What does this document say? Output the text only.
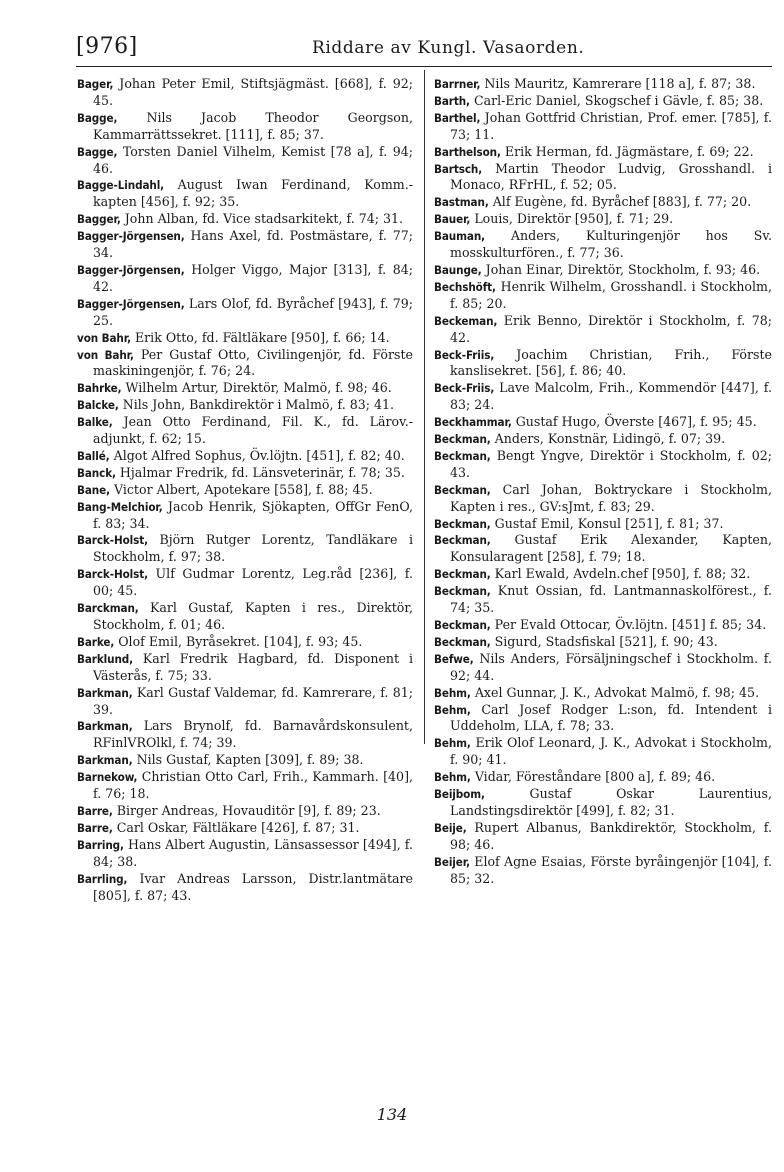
[976]	Riddare av Kungl. Vasaorden.

Bager, Johan Peter Emil, Stiftsjägmäst. [668], f. 92; 45.

Bagge, Nils Jacob Theodor Georgson, Kammarrättssekret. [111], f. 85; 37.

Bagge, Torsten Daniel Vilhelm, Kemist [78 a], f. 94; 46.

Bagge-Lindahl, August Iwan Ferdinand, Komm.-kapten [456], f. 92; 35.

Bagger, John Alban, fd. Vice stadsarkitekt, f. 74; 31.

Bagger-Jörgensen, Hans Axel, fd. Postmästare, f. 77; 34.

Bagger-Jörgensen, Holger Viggo, Major [313], f. 84; 42.

Bagger-Jörgensen, Lars Olof, fd. Byråchef [943], f. 79; 25.

von Bahr, Erik Otto, fd. Fältläkare [950], f. 66; 14.

von Bahr, Per Gustaf Otto, Civilingenjör, fd. Förste maskiningenjör, f. 76; 24.

Bahrke, Wilhelm Artur, Direktör, Malmö, f. 98; 46.

Balcke, Nils John, Bankdirektör i Malmö, f. 83; 41.

Balke, Jean Otto Ferdinand, Fil. K., fd. Lärov.-adjunkt, f. 62; 15.

Ballé, Algot Alfred Sophus, Öv.löjtn. [451], f. 82; 40.

Banck, Hjalmar Fredrik, fd. Länsveterinär, f. 78; 35.

Bane, Victor Albert, Apotekare [558], f. 88; 45.

Bang-Melchior, Jacob Henrik, Sjökapten, OffGr FenO, f. 83; 34.

Barck-Holst, Björn Rutger Lorentz, Tandläkare i Stockholm, f. 97; 38.

Barck-Holst, Ulf Gudmar Lorentz, Leg.råd [236], f. 00; 45.

Barckman, Karl Gustaf, Kapten i res., Direktör, Stockholm, f. 01; 46.

Barke, Olof Emil, Byråsekret. [104], f. 93; 45.

Barklund, Karl Fredrik Hagbard, fd. Disponent i Västerås, f. 75; 33.

Barkman, Karl Gustaf Valdemar, fd. Kamrerare, f. 81; 39.

Barkman, Lars Brynolf, fd. Barnavårdskonsulent, RFinlVROlkl, f. 74; 39.

Barkman, Nils Gustaf, Kapten [309], f. 89; 38.

Barnekow, Christian Otto Carl, Frih., Kammarh. [40], f. 76; 18.

Barre, Birger Andreas, Hovauditör [9], f. 89; 23.

Barre, Carl Oskar, Fältläkare [426], f. 87; 31.

Barring, Hans Albert Augustin, Länsassessor [494], f. 84; 38.

Barrling, Ivar Andreas Larsson, Distr.lantmätare [805], f. 87; 43.

Barrner, Nils Mauritz, Kamrerare [118 a], f. 87; 38.

Barth, Carl-Eric Daniel, Skogschef i Gävle, f. 85; 38.

Barthel, Johan Gottfrid Christian, Prof. emer. [785], f. 73; 11.

Barthelson, Erik Herman, fd. Jägmästare, f. 69; 22.

Bartsch, Martin Theodor Ludvig, Grosshandl. i Monaco, RFrHL, f. 52; 05.

Bastman, Alf Eugène, fd. Byråchef [883], f. 77; 20.

Bauer, Louis, Direktör [950], f. 71; 29.

Bauman, Anders, Kulturingenjör hos Sv. mosskulturfören., f. 77; 36.

Baunge, Johan Einar, Direktör, Stockholm, f. 93; 46.

Bechshöft, Henrik Wilhelm, Grosshandl. i Stockholm, f. 85; 20.

Beckeman, Erik Benno, Direktör i Stockholm, f. 78; 42.

Beck-Friis, Joachim Christian, Frih., Förste kanslisekret. [56], f. 86; 40.

Beck-Friis, Lave Malcolm, Frih., Kommendör [447], f. 83; 24.

Beckhammar, Gustaf Hugo, Överste [467], f. 95; 45.

Beckman, Anders, Konstnär, Lidingö, f. 07; 39.

Beckman, Bengt Yngve, Direktör i Stockholm, f. 02; 43.

Beckman, Carl Johan, Boktryckare i Stockholm, Kapten i res., GV:sJmt, f. 83; 29.

Beckman, Gustaf Emil, Konsul [251], f. 81; 37.

Beckman, Gustaf Erik Alexander, Kapten, Konsularagent [258], f. 79; 18.

Beckman, Karl Ewald, Avdeln.chef [950], f. 88; 32.

Beckman, Knut Ossian, fd. Lantmannaskolförest., f. 74; 35.

Beckman, Per Evald Ottocar, Öv.löjtn. [451] f. 85; 34.

Beckman, Sigurd, Stadsfiskal [521], f. 90; 43.

Befwe, Nils Anders, Försäljningschef i Stockholm. f. 92; 44.

Behm, Axel Gunnar, J. K., Advokat Malmö, f. 98; 45.

Behm, Carl Josef Rodger L:son, fd. Intendent i Uddeholm, LLA, f. 78; 33.

Behm, Erik Olof Leonard, J. K., Advokat i Stockholm, f. 90; 41.

Behm, Vidar, Föreståndare [800 a], f. 89; 46.

Beijbom,	Gustaf Oskar Laurentius, Landstingsdirektör [499], f. 82; 31.

Beije, Rupert Albanus, Bankdirektör, Stockholm, f. 98; 46.

Beijer, Elof Agne Esaias, Förste byråingenjör [104], f. 85; 32.

134
